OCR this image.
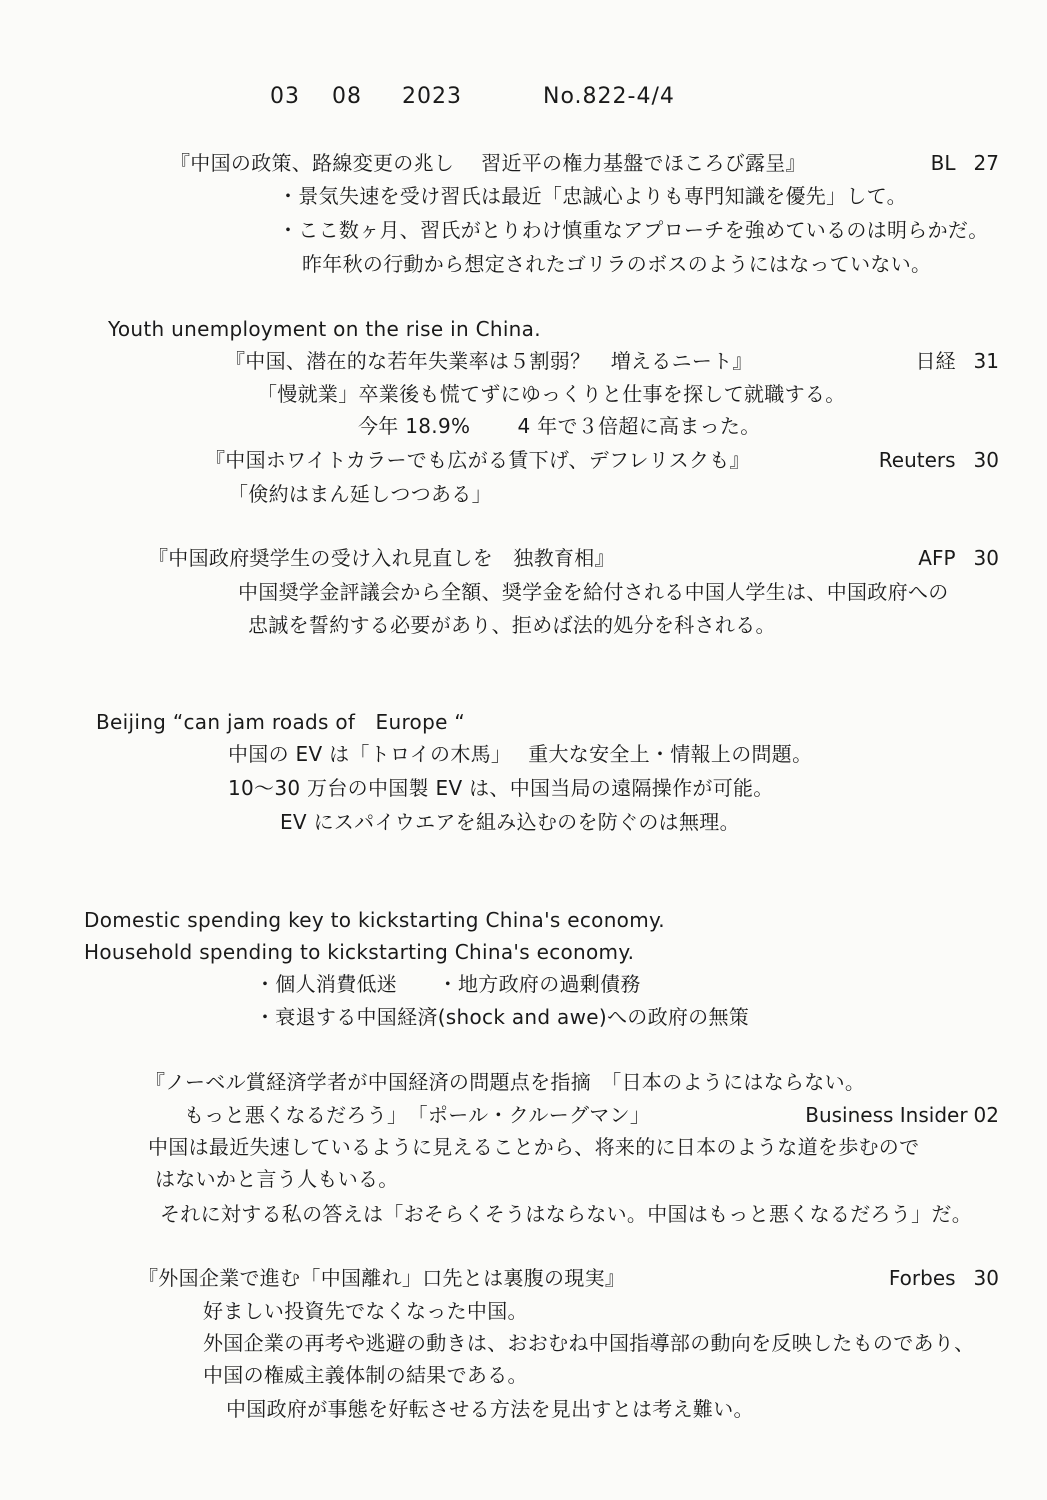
03 08 2023	No.822-4/4
『中国の政策、路線変更の兆し　 習近平の権力基盤でほころび露呈』	BL 27
・景気失速を受け習氏は最近「忠誠心よりも専門知識を優先」して。
・ここ数ヶ月、習氏がとりわけ慎重なアプローチを強めているのは明らかだ。
昨年秋の行動から想定されたゴリラのボスのようにはなっていない。
Youth unemployment on the rise in China.
『中国、潜在的な若年失業率は５割弱？　増えるニート』	日経 31
「慢就業」卒業後も慌てずにゆっくりと仕事を探して就職する。
今年 18.9%　　 4 年で３倍超に高まった。
『中国ホワイトカラーでも広がる賃下げ、デフレリスクも』	Reuters 30
「倹約はまん延しつつある」
『中国政府奨学生の受け入れ見直しを　独教育相』	AFP 30
中国奨学金評議会から全額、奨学金を給付される中国人学生は、中国政府への
忠誠を誓約する必要があり、拒めば法的処分を科される。
Beijing “can jam roads of　Europe “
中国の EV は「トロイの木馬」　 重大な安全上・情報上の問題。
10〜30 万台の中国製 EV は、中国当局の遠隔操作が可能。
EV にスパイウエアを組み込むのを防ぐのは無理。
Domestic spending key to kickstarting China's economy.
Household spending to kickstarting China's economy.
・個人消費低迷　　・地方政府の過剰債務
・衰退する中国経済(shock and awe)への政府の無策
『ノーベル賞経済学者が中国経済の問題点を指摘　「日本のようにはならない。
もっと悪くなるだろう」　「ポール・クルーグマン」	Business Insider 02
中国は最近失速しているように見えることから、将来的に日本のような道を歩むので
はないかと言う人もいる。
それに対する私の答えは「おそらくそうはならない。中国はもっと悪くなるだろう」だ。
『外国企業で進む「中国離れ」口先とは裏腹の現実』	Forbes 30
好ましい投資先でなくなった中国。
外国企業の再考や逃避の動きは、おおむね中国指導部の動向を反映したものであり、
中国の権威主義体制の結果である。
中国政府が事態を好転させる方法を見出すとは考え難い。
